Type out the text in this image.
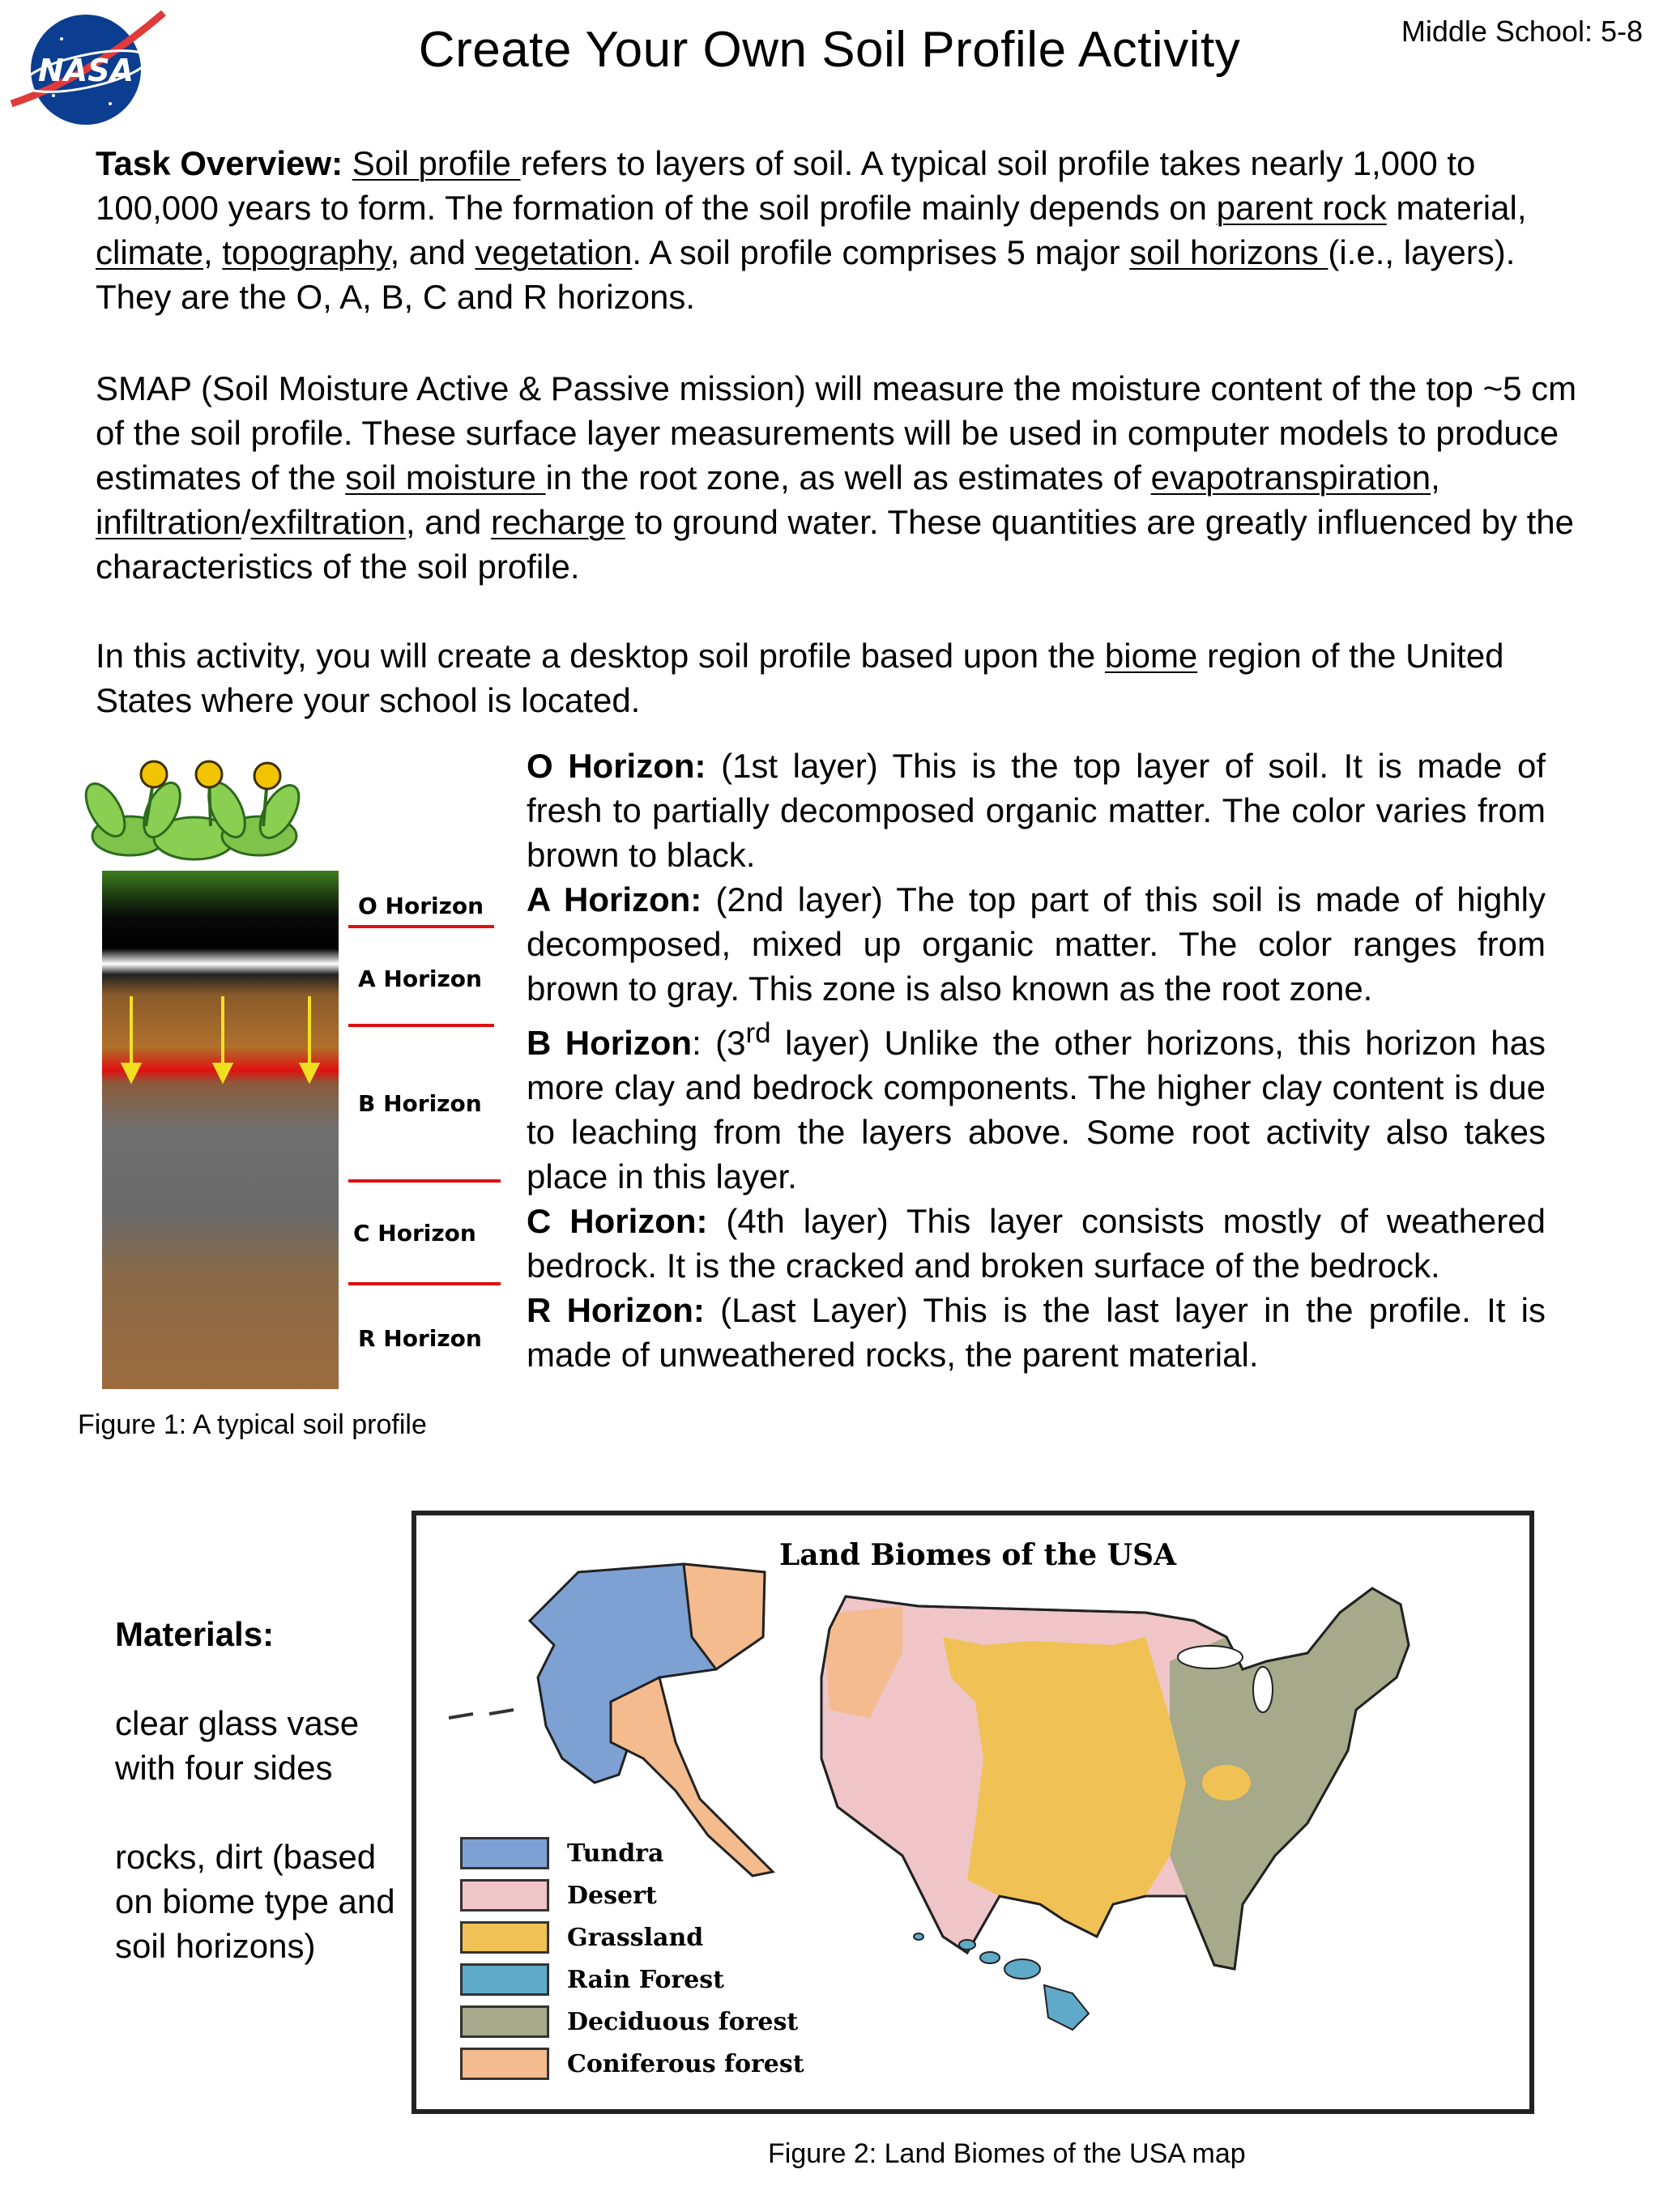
NASA	Create Your Own Soil Profile Activity	Middle School: 5-8
Task Overview: Soil profile refers to layers of soil. A typical soil profile takes nearly 1,000 to 100,000 years to form. The formation of the soil profile mainly depends on parent rock material, climate, topography, and vegetation. A soil profile comprises 5 major soil horizons (i.e., layers). They are the O, A, B, C and R horizons.
SMAP (Soil Moisture Active & Passive mission) will measure the moisture content of the top ~5 cm of the soil profile. These surface layer measurements will be used in computer models to produce estimates of the soil moisture in the root zone, as well as estimates of evapotranspiration, infiltration/exfiltration, and recharge to ground water. These quantities are greatly influenced by the characteristics of the soil profile.
In this activity, you will create a desktop soil profile based upon the biome region of the United States where your school is located.
O Horizon
A Horizon
B Horizon
C Horizon
R Horizon
Figure 1: A typical soil profile

O Horizon: (1st layer) This is the top layer of soil. It is made of fresh to partially decomposed organic matter. The color varies from brown to black.

A Horizon: (2nd layer) The top part of this soil is made of highly decomposed, mixed up organic matter. The color ranges from brown to gray. This zone is also known as the root zone.

B Horizon: (3rd layer) Unlike the other horizons, this horizon has more clay and bedrock components. The higher clay content is due to leaching from the layers above. Some root activity also takes place in this layer.

C Horizon: (4th layer) This layer consists mostly of weathered bedrock. It is the cracked and broken surface of the bedrock.

R Horizon: (Last Layer) This is the last layer in the profile. It is made of unweathered rocks, the parent material.

Materials:

clear glass vase with four sides

rocks, dirt (based on biome type and soil horizons)

Land Biomes of the USA
Tundra
Desert
Grassland
Rain Forest
Deciduous forest
Coniferous forest
Figure 2: Land Biomes of the USA map
